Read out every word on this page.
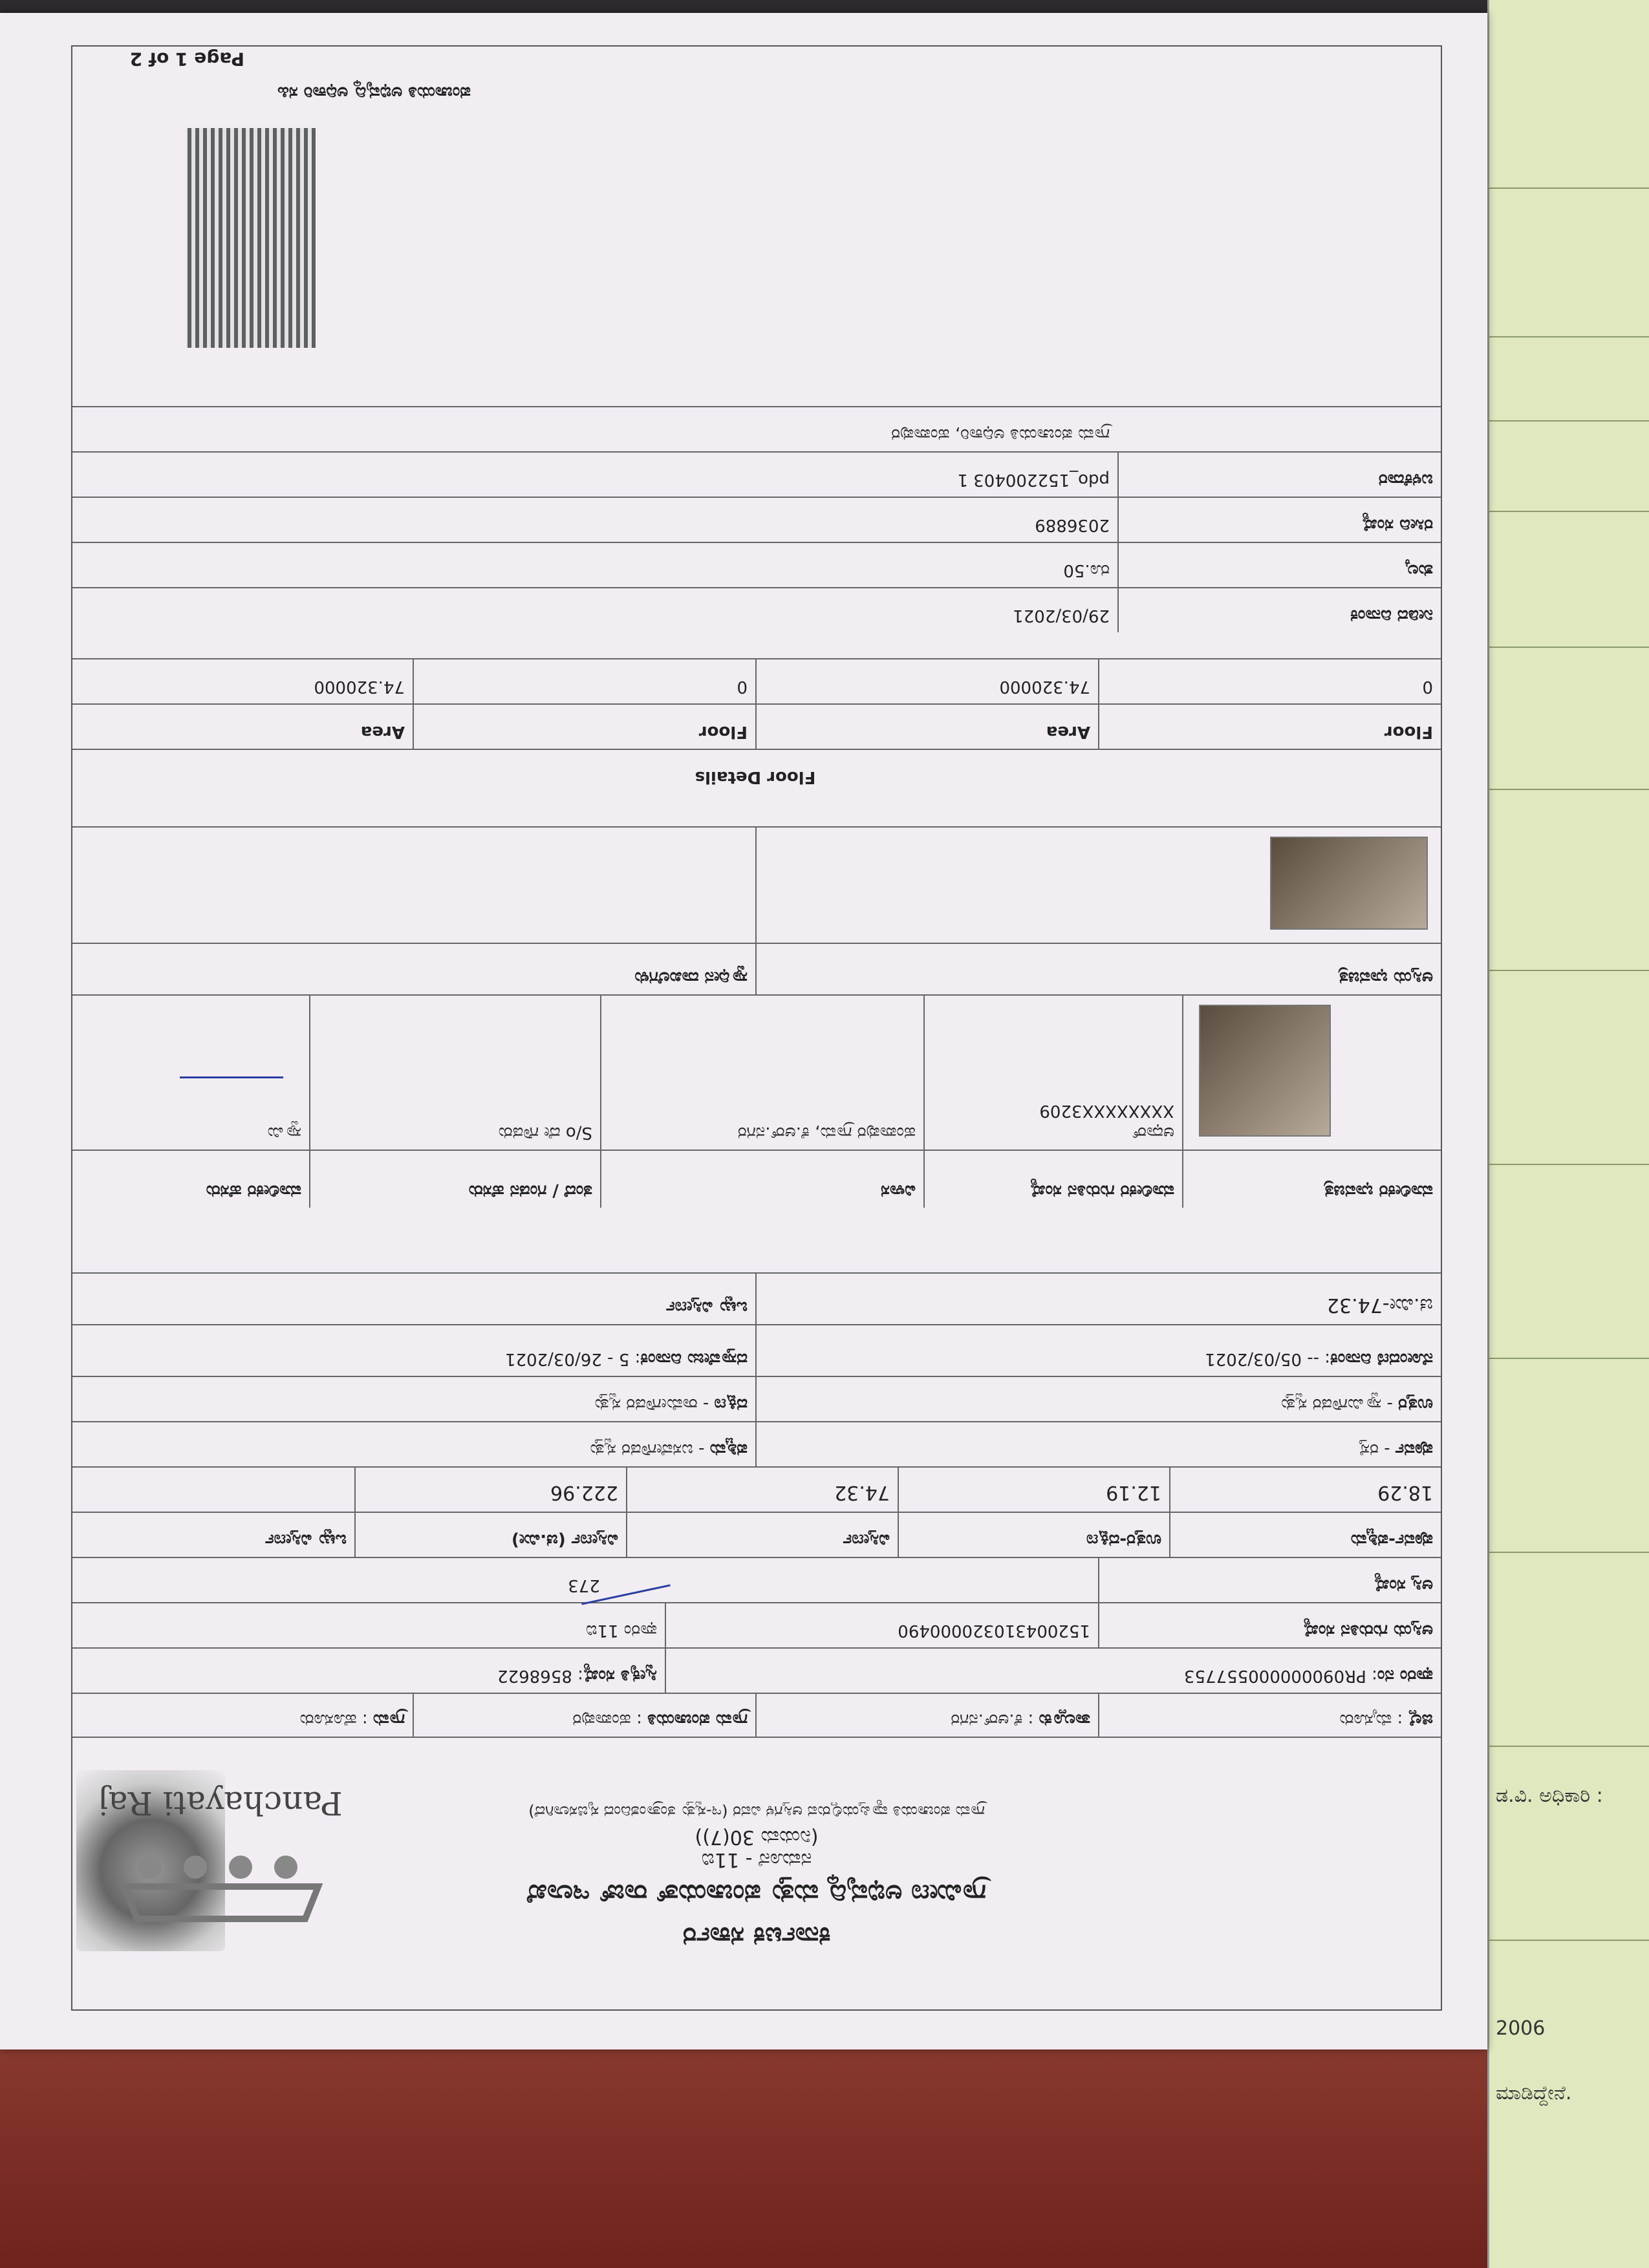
ಡ.ವಿ. ಅಧಿಕಾರಿ :
2006
ಮಾಡಿದ್ದೇನೆ.
Panchayati Raj
ಕರ್ನಾಟಕ ಸರ್ಕಾರ
ಗ್ರಾಮೀಣ ಅಭಿವೃದ್ಧಿ ಮತ್ತು ಪಂಚಾಯತ್ ರಾಜ್ ಇಲಾಖೆ
ನಮೂನೆ - 11ಬಿ
(ನಿಯಮ 30(7))
ಗ್ರಾಮ ಪಂಚಾಯತಿ ವ್ಯಾಪ್ತಿಯಲ್ಲಿರುವ ಆಸ್ತಿಗಳ ವಿವರ (ಇ-ಸ್ವತ್ತು ತಂತ್ರಾಂಶದಿಂದ ಸೃಜಿಸಲಾಗಿದೆ)
ಜಿಲ್ಲೆ : ಮೈಸೂರು
ತಾಲ್ಲೂಕು : ಕೆ.ಆರ್.ನಗರ
ಗ್ರಾಮ ಪಂಚಾಯತಿ : ಹಂಪಾಪುರ
ಗ್ರಾಮ : ಹೊಸೂರು
ಫಾರಂ ನಂ: PR090000000557753
ಸ್ವೀಕೃತಿ ಸಂಖ್ಯೆ: 8568622
ಆಸ್ತಿಯ ಗುರುತಿನ ಸಂಖ್ಯೆ
152004310320000490
ಫಾರಂ 11ಬಿ
ಆಸ್ತಿ ಸಂಖ್ಯೆ
273
ಪೂರ್ವ-ಪಶ್ಚಿಮ
ಉತ್ತರ-ದಕ್ಷಿಣ
ವಿಸ್ತೀರ್ಣ
ವಿಸ್ತೀರ್ಣ (ಚ.ಮೀ)
ಒಟ್ಟು ವಿಸ್ತೀರ್ಣ
18.29
12.19
74.32
222.96
ಪೂರ್ವ - ರಸ್ತೆ
ಪಶ್ಚಿಮ - ಬಸವೇಗೌಡರ ಸ್ವತ್ತು
ಉತ್ತರ - ಸ್ವಾಮಿಗೌಡರ ಸ್ವತ್ತು
ದಕ್ಷಿಣ - ರಾಮೇಗೌಡರ ಸ್ವತ್ತು
ನೋಂದಣಿ ದಿನಾಂಕ: -- 05/03/2021
ದಸ್ತಾವೇಜು ದಿನಾಂಕ: 5 - 26/03/2021
ಚ.ಮೀ-74.32
ಒಟ್ಟು ವಿಸ್ತೀರ್ಣ
ಮಾಲೀಕರ ಭಾವಚಿತ್ರ
ಮಾಲೀಕರ ಗುರುತಿನ ಸಂಖ್ಯೆ
ವಿಳಾಸ
ತಂದೆ / ಗಂಡನ ಹೆಸರು
ಮಾಲೀಕರ ಹೆಸರು
ಆಧಾರ್
XXXXXXXX3209
ಹಂಪಾಪುರ ಗ್ರಾಮ, ಕೆ.ಆರ್.ನಗರ
S/o ದೇ ಗೌಡರು
ಸ್ವಾಮಿ
ಆಸ್ತಿಯ ಭಾವಚಿತ್ರ
ಸ್ವಾಧೀನ ದಾಖಲೆಗಳು
Floor Details
Floor
Area
Floor
Area
0
74.320000
0
74.320000
ನೀಡಿದ ದಿನಾಂಕ
29/03/2021
ಶುಲ್ಕ
ರೂ.50
ರಸೀದಿ ಸಂಖ್ಯೆ
2036889
ಬಳಕೆದಾರ
pdo_152200403 1
ಗ್ರಾಮ ಪಂಚಾಯತಿ ಅಧಿಕಾರಿ, ಹಂಪಾಪುರ
ಪಂಚಾಯತಿ ಅಭಿವೃದ್ಧಿ ಅಧಿಕಾರಿ ಸಹಿ
Page 1 of 2
